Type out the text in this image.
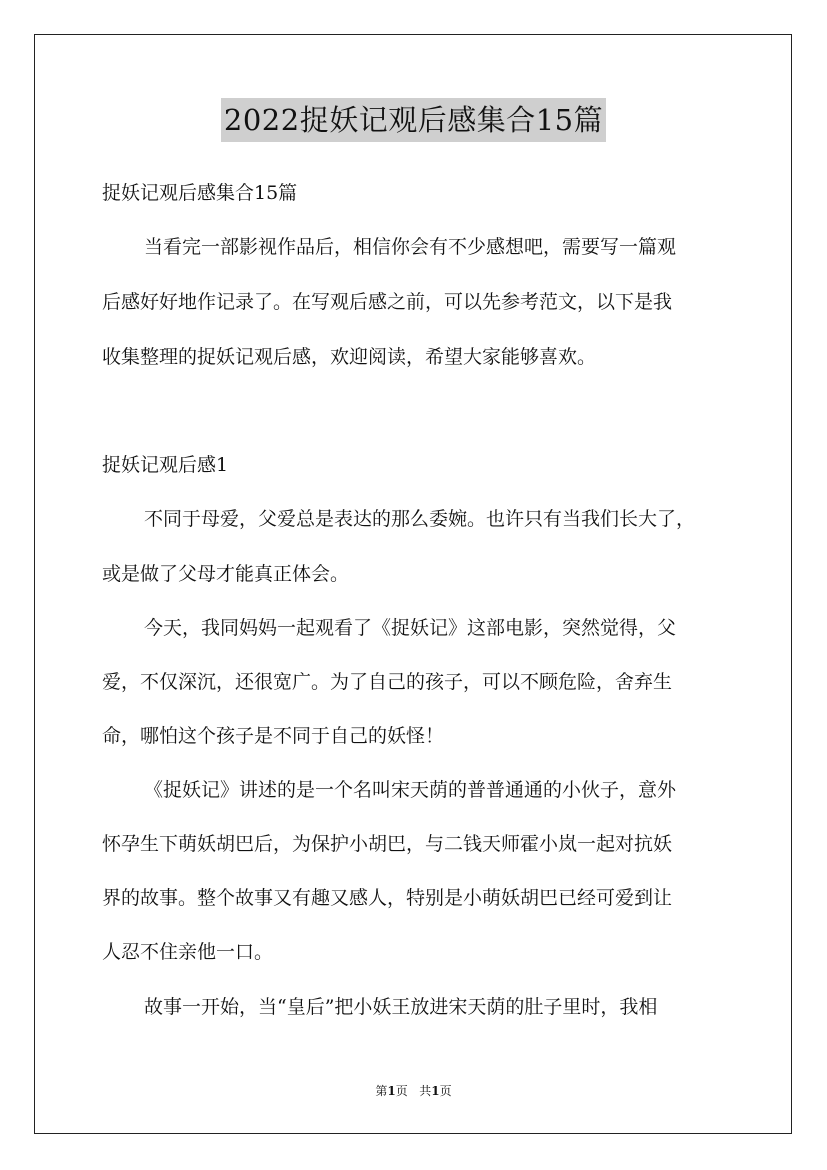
2022捉妖记观后感集合15篇
捉妖记观后感集合15篇
当看完一部影视作品后，相信你会有不少感想吧，需要写一篇观
后感好好地作记录了。在写观后感之前，可以先参考范文，以下是我
收集整理的捉妖记观后感，欢迎阅读，希望大家能够喜欢。
捉妖记观后感1
不同于母爱，父爱总是表达的那么委婉。也许只有当我们长大了，
或是做了父母才能真正体会。
今天，我同妈妈一起观看了《捉妖记》这部电影，突然觉得，父
爱，不仅深沉，还很宽广。为了自己的孩子，可以不顾危险，舍弃生
命，哪怕这个孩子是不同于自己的妖怪！
《捉妖记》讲述的是一个名叫宋天荫的普普通通的小伙子，意外
怀孕生下萌妖胡巴后，为保护小胡巴，与二钱天师霍小岚一起对抗妖
界的故事。整个故事又有趣又感人，特别是小萌妖胡巴已经可爱到让
人忍不住亲他一口。
故事一开始，当“皇后”把小妖王放进宋天荫的肚子里时，我相
第1页 共1页
